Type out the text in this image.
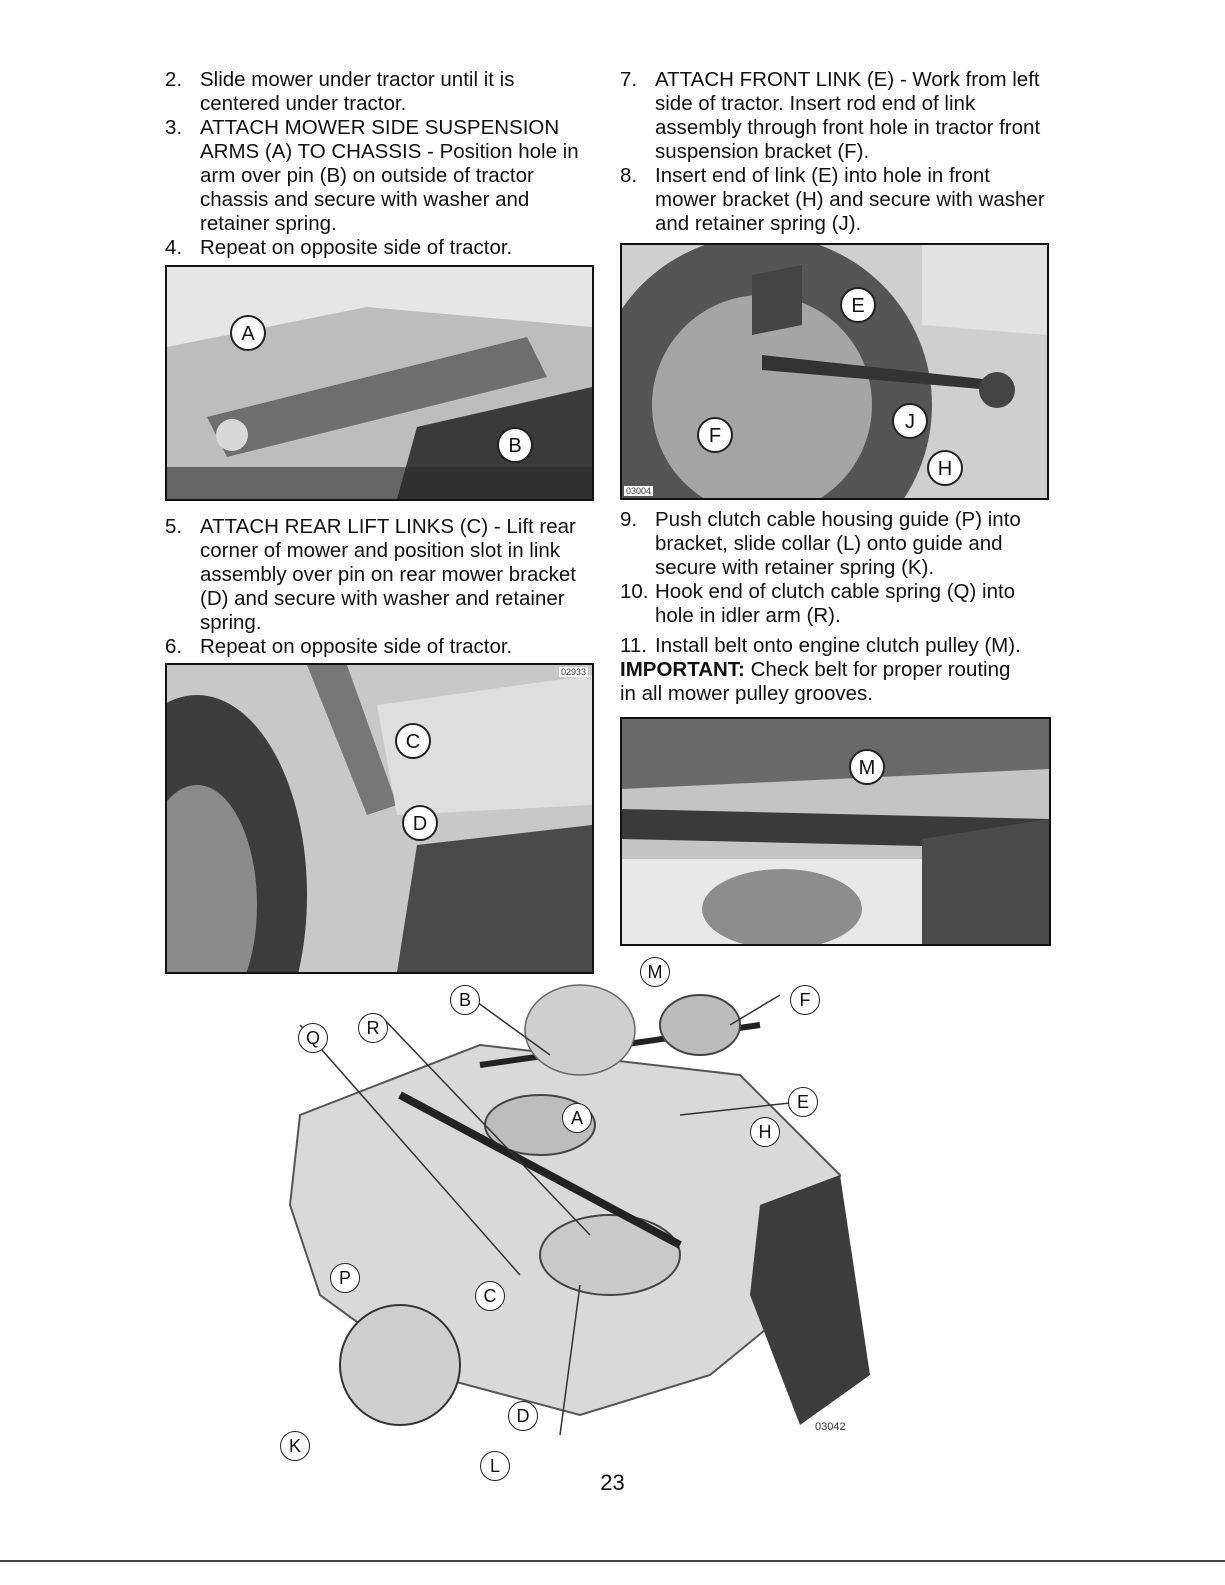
2. Slide mower under tractor until it is centered under tractor.
3. ATTACH MOWER SIDE SUSPENSION ARMS (A) TO CHASSIS - Position hole in arm over pin (B) on outside of tractor chassis and secure with washer and retainer spring.
4. Repeat on opposite side of tractor.
A
B
5. ATTACH REAR LIFT LINKS (C) - Lift rear corner of mower and position slot in link assembly over pin on rear mower bracket (D) and secure with washer and retainer spring.
6. Repeat on opposite side of tractor.
C
D
02933
7. ATTACH FRONT LINK (E) - Work from left side of tractor. Insert rod end of link assembly through front hole in tractor front suspension bracket (F).
8. Insert end of link (E) into hole in front mower bracket (H) and secure with washer and retainer spring (J).
E
F
J
H
03004
9. Push clutch cable housing guide (P) into bracket, slide collar (L) onto guide and secure with retainer spring (K).
10. Hook end of clutch cable spring (Q) into hole in idler arm (R).
11. Install belt onto engine clutch pulley (M).

IMPORTANT: Check belt for proper routing in all mower pulley grooves.

M
M
F
B
Q	R
A
E
H
P
C
D
K
L
03042
23
